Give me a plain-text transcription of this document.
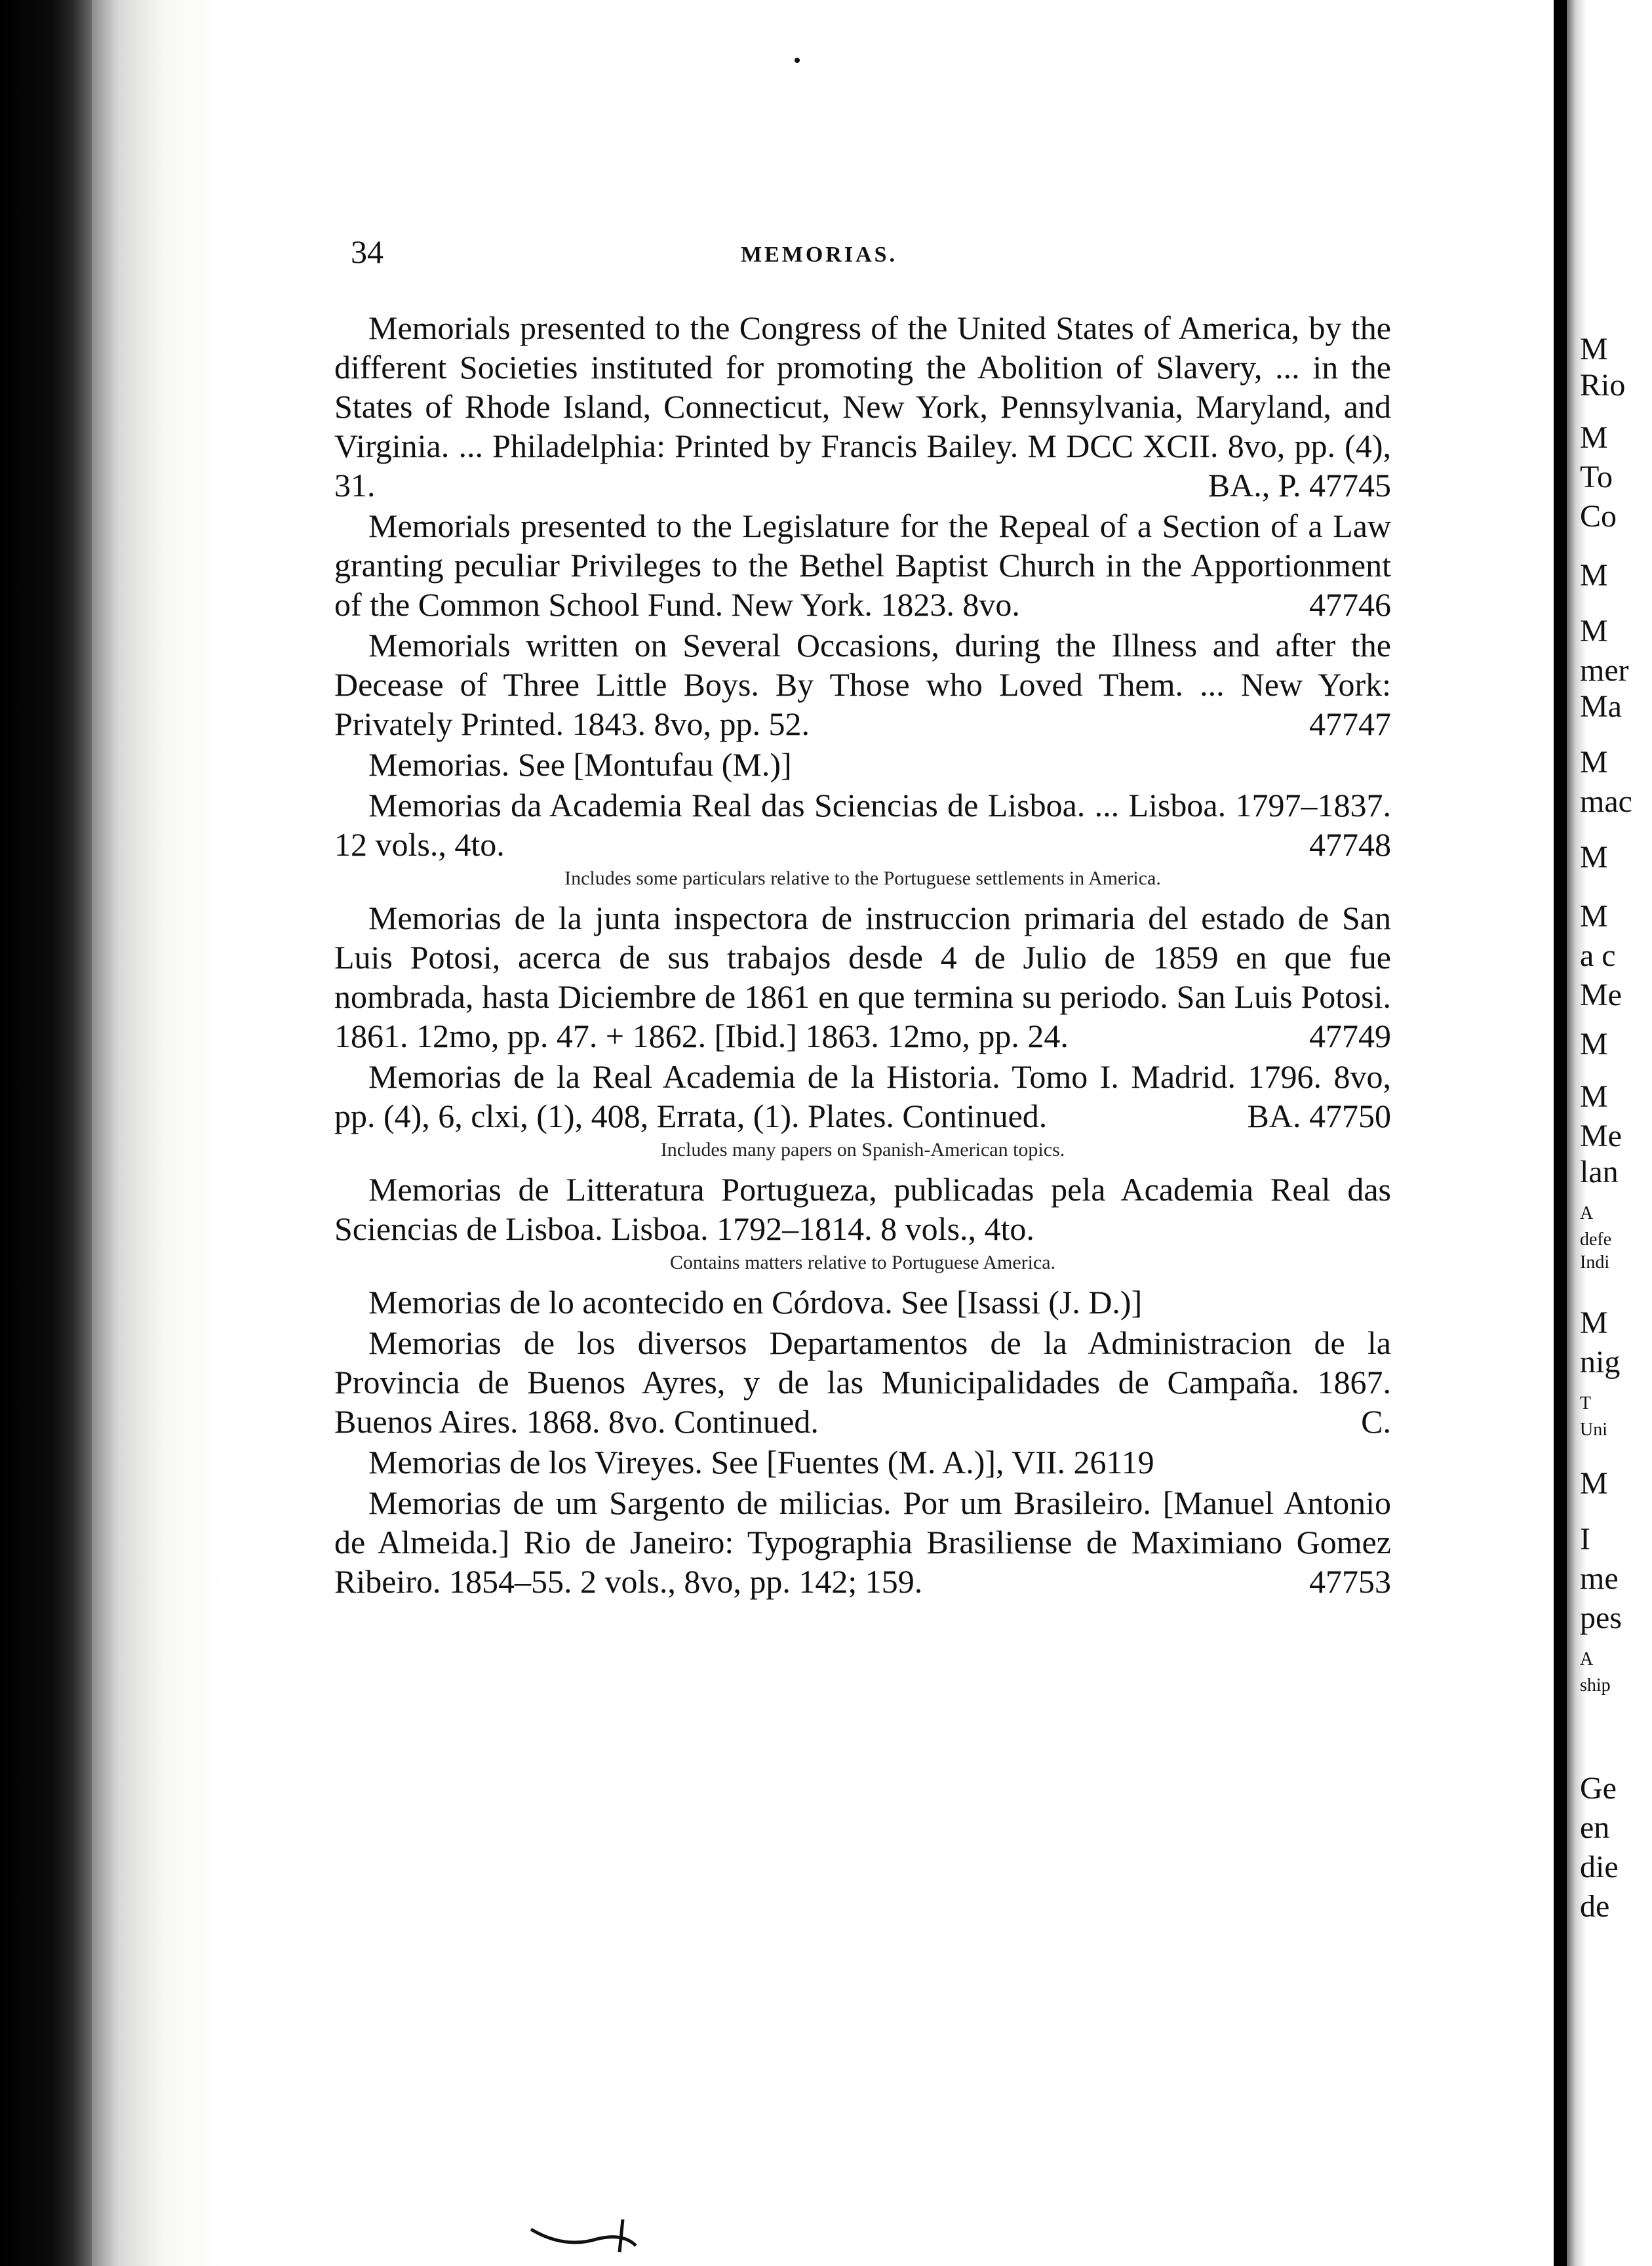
34	MEMORIAS.

Memorials presented to the Congress of the United States of America, by the different Societies instituted for promoting the Abolition of Slavery, ... in the States of Rhode Island, Connecticut, New York, Pennsylvania, Maryland, and Virginia. ... Philadelphia: Printed by Francis Bailey. M DCC XCII. 8vo, pp. (4), 31.	BA., P. 47745

Memorials presented to the Legislature for the Repeal of a Section of a Law granting peculiar Privileges to the Bethel Baptist Church in the Apportionment of the Common School Fund. New York. 1823. 8vo.	47746

Memorials written on Several Occasions, during the Illness and after the Decease of Three Little Boys. By Those who Loved Them. ... New York: Privately Printed. 1843. 8vo, pp. 52.	47747

Memorias. See [Montufau (M.)]

Memorias da Academia Real das Sciencias de Lisboa. ... Lisboa. 1797–1837. 12 vols., 4to.	47748

Includes some particulars relative to the Portuguese settlements in America.

Memorias de la junta inspectora de instruccion primaria del estado de San Luis Potosi, acerca de sus trabajos desde 4 de Julio de 1859 en que fue nombrada, hasta Diciembre de 1861 en que termina su periodo. San Luis Potosi. 1861. 12mo, pp. 47. + 1862. [Ibid.] 1863. 12mo, pp. 24.	47749

Memorias de la Real Academia de la Historia. Tomo I. Madrid. 1796. 8vo, pp. (4), 6, clxi, (1), 408, Errata, (1). Plates. Continued.	BA. 47750

Includes many papers on Spanish-American topics.

Memorias de Litteratura Portugueza, publicadas pela Academia Real das Sciencias de Lisboa. Lisboa. 1792–1814. 8 vols., 4to.

Contains matters relative to Portuguese America.

Memorias de lo acontecido en Córdova. See [Isassi (J. D.)]

Memorias de los diversos Departamentos de la Administracion de la Provincia de Buenos Ayres, y de las Municipalidades de Campaña. 1867. Buenos Aires. 1868. 8vo. Continued.	C.

Memorias de los Vireyes. See [Fuentes (M. A.)], VII. 26119

Memorias de um Sargento de milicias. Por um Brasileiro. [Manuel Antonio de Almeida.] Rio de Janeiro: Typographia Brasiliense de Maximiano Gomez Ribeiro. 1854–55. 2 vols., 8vo, pp. 142; 159.	47753

M
Rio
M
To
Co
M
M
mer
Ma
M
mac
M
M
a c
Me
M
M
Me
lan
A
defe
Indi
M
nig
T
Uni
M
I
me
pes
A
ship
Ge
en
die
de
